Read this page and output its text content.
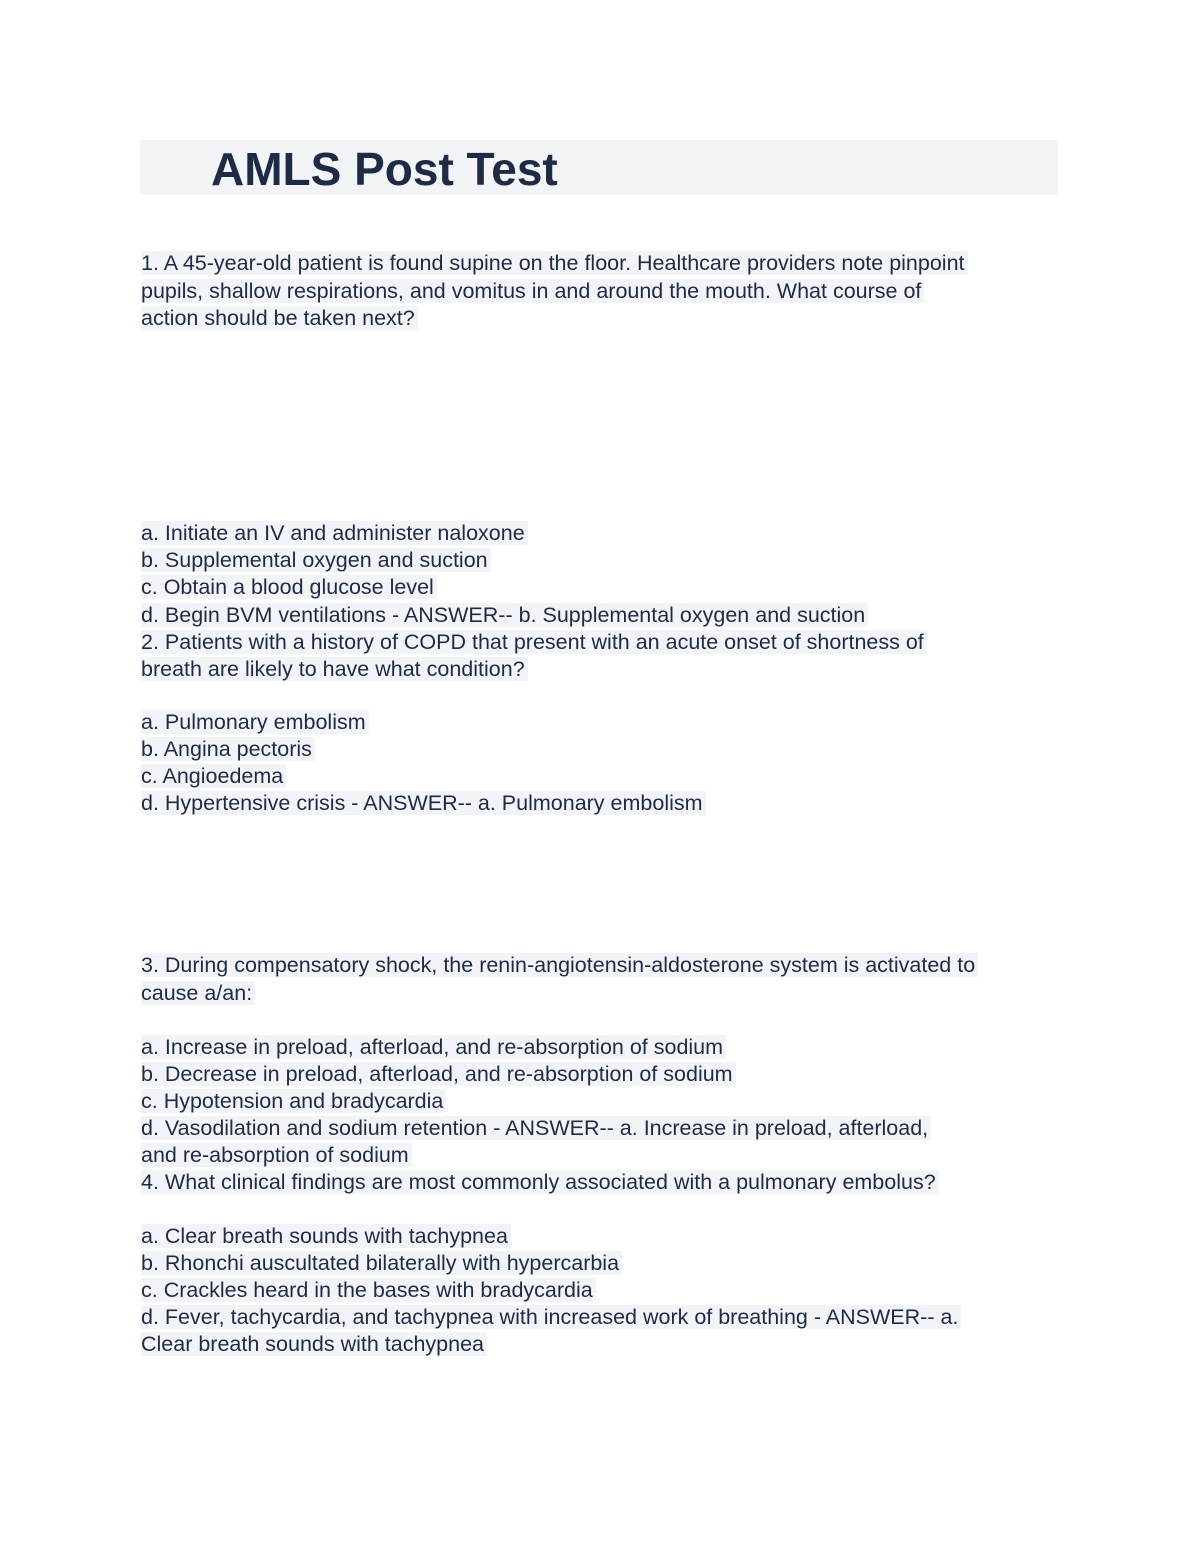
AMLS Post Test
1. A 45-year-old patient is found supine on the floor. Healthcare providers note pinpoint
pupils, shallow respirations, and vomitus in and around the mouth. What course of
action should be taken next?
a. Initiate an IV and administer naloxone
b. Supplemental oxygen and suction
c. Obtain a blood glucose level
d. Begin BVM ventilations - ANSWER-- b. Supplemental oxygen and suction
2. Patients with a history of COPD that present with an acute onset of shortness of
breath are likely to have what condition?
a. Pulmonary embolism
b. Angina pectoris
c. Angioedema
d. Hypertensive crisis - ANSWER-- a. Pulmonary embolism
3. During compensatory shock, the renin-angiotensin-aldosterone system is activated to
cause a/an:
a. Increase in preload, afterload, and re-absorption of sodium
b. Decrease in preload, afterload, and re-absorption of sodium
c. Hypotension and bradycardia
d. Vasodilation and sodium retention - ANSWER-- a. Increase in preload, afterload,
and re-absorption of sodium
4. What clinical findings are most commonly associated with a pulmonary embolus?
a. Clear breath sounds with tachypnea
b. Rhonchi auscultated bilaterally with hypercarbia
c. Crackles heard in the bases with bradycardia
d. Fever, tachycardia, and tachypnea with increased work of breathing - ANSWER-- a.
Clear breath sounds with tachypnea
